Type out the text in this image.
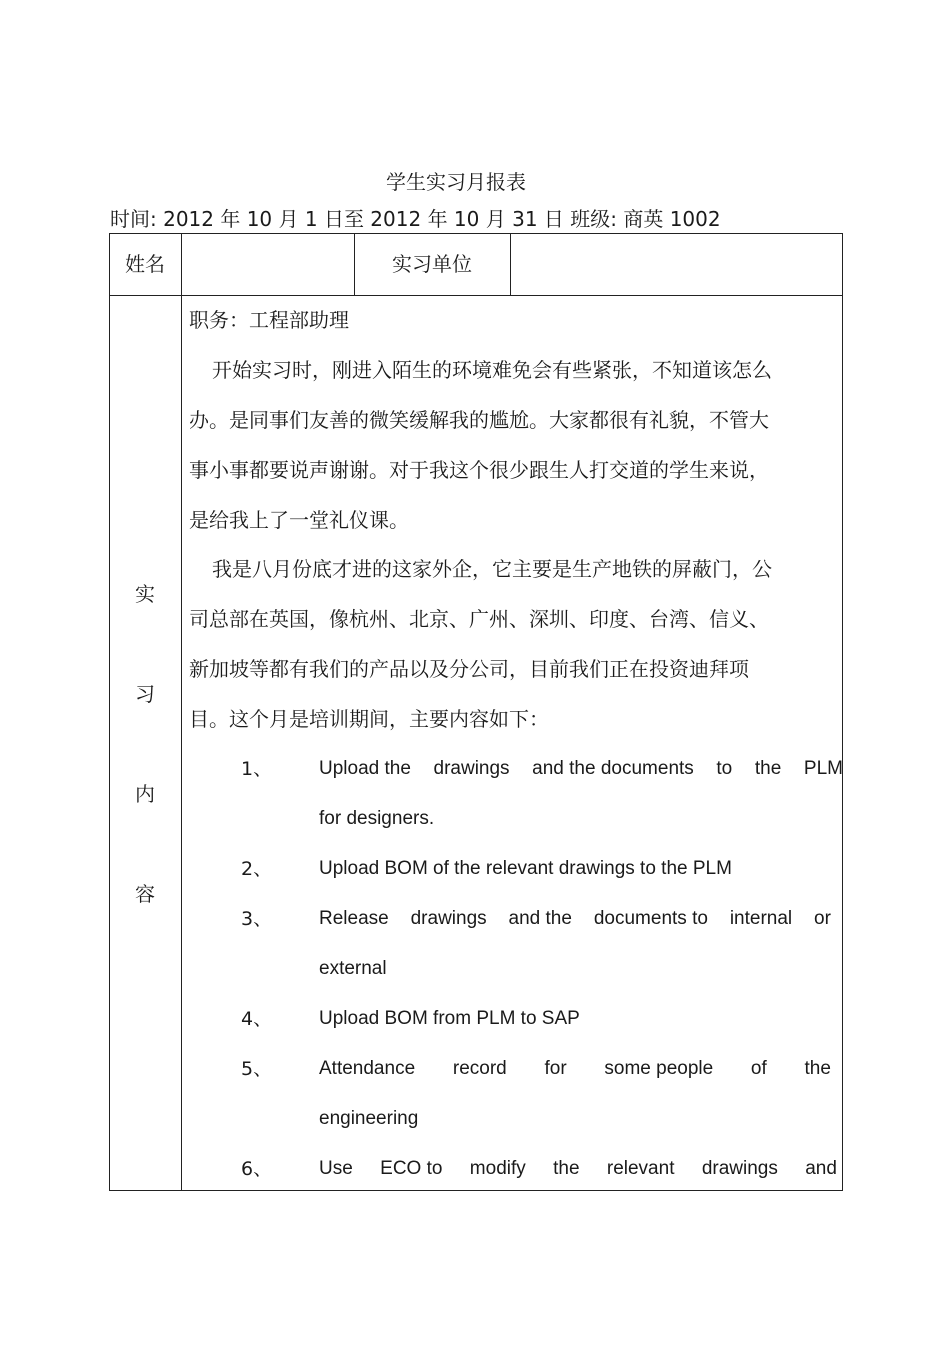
学生实习月报表
时间: 2012 年 10 月 1 日至 2012 年 10 月 31 日 班级: 商英 1002
姓名	实习单位
实
习
内
容
职务：工程部助理
开始实习时，刚进入陌生的环境难免会有些紧张，不知道该怎么
办。是同事们友善的微笑缓解我的尴尬。大家都很有礼貌，不管大
事小事都要说声谢谢。对于我这个很少跟生人打交道的学生来说，
是给我上了一堂礼仪课。
我是八月份底才进的这家外企，它主要是生产地铁的屏蔽门，公
司总部在英国，像杭州、北京、广州、深圳、印度、台湾、信义、
新加坡等都有我们的产品以及分公司，目前我们正在投资迪拜项
目。这个月是培训期间，主要内容如下：
1、 Upload the drawings and the documents to the PLM
for designers.
2、 Upload BOM of the relevant drawings to the PLM
3、 Release drawings and the documents to internal or
external
4、 Upload BOM from PLM to SAP
5、 Attendance record for some people of the
engineering
6、 Use ECO to modify the relevant drawings and
